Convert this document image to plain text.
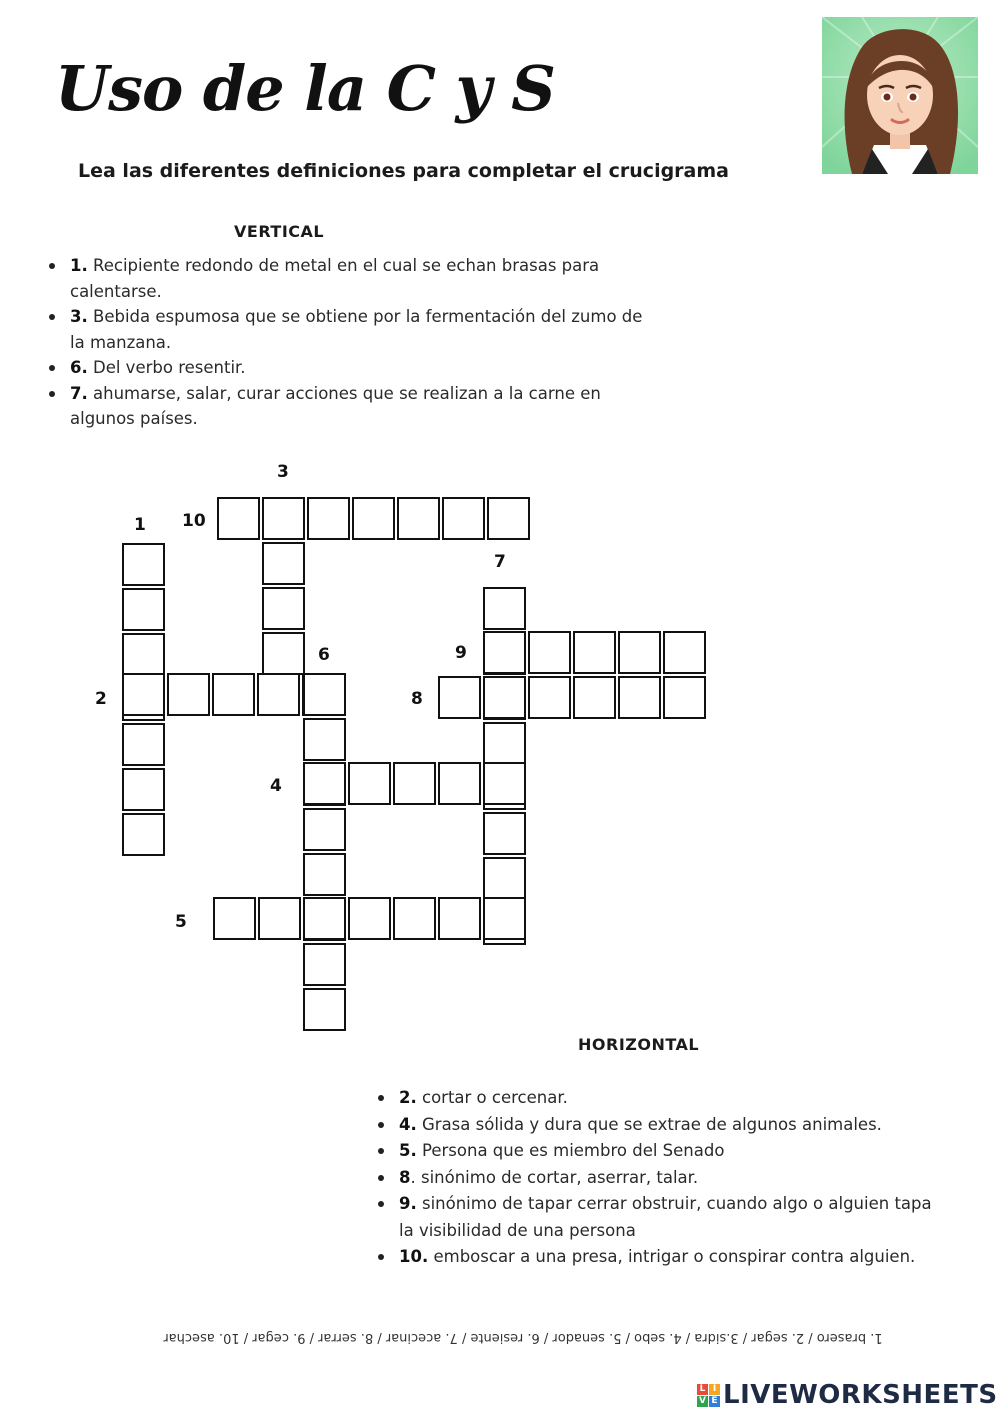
Uso de la C y S
Lea las diferentes definiciones para completar el crucigrama
VERTICAL
1. Recipiente redondo de metal en el cual se echan brasas para calentarse.
3. Bebida espumosa que se obtiene por la fermentación del zumo de la manzana.
6. Del verbo resentir.
7. ahumarse, salar, curar acciones que se realizan a la carne en algunos países.
3
1 10
7
6	9
2	8
4
5
HORIZONTAL
2. cortar o cercenar.
4. Grasa sólida y dura que se extrae de algunos animales.
5. Persona que es miembro del Senado
8. sinónimo de cortar, aserrar, talar.
9. sinónimo de tapar cerrar obstruir, cuando algo o alguien tapa la visibilidad de una persona
10. emboscar a una presa, intrigar o conspirar contra alguien.
1. brasero / 2. segar / 3.sidra / 4. sebo / 5. senador / 6. resiente / 7. acecinar / 8. serrar / 9. cegar / 10. asechar
L I
V E LIVEWORKSHEETS
